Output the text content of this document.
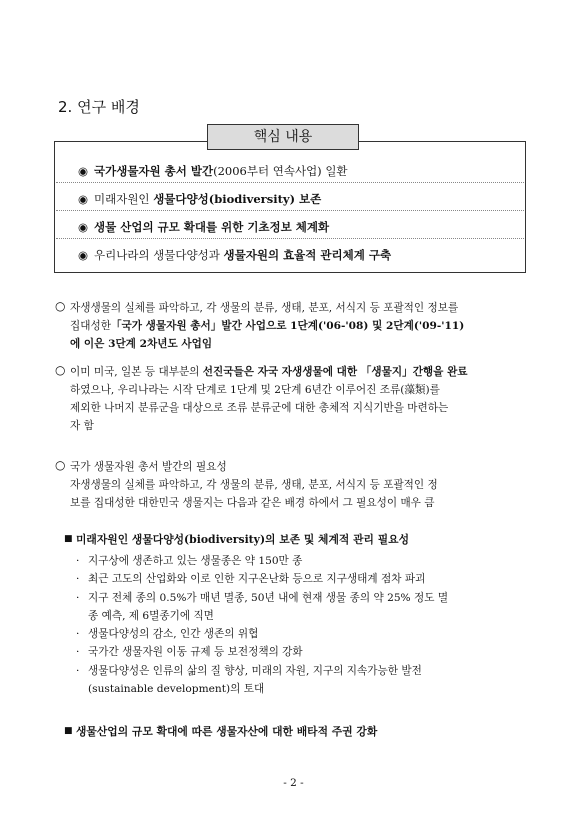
2. 연구 배경
핵심 내용
◉ 국가생물자원 총서 발간(2006부터 연속사업) 일환
◉ 미래자원인 생물다양성(biodiversity) 보존
◉ 생물 산업의 규모 확대를 위한 기초정보 체계화
◉ 우리나라의 생물다양성과 생물자원의 효율적 관리체계 구축
○ 자생생물의 실체를 파악하고, 각 생물의 분류, 생태, 분포, 서식지 등 포괄적인 정보를
집대성한「국가 생물자원 총서」발간 사업으로 1단계('06-'08) 및 2단계('09-'11)
에 이은 3단계 2차년도 사업임
○ 이미 미국, 일본 등 대부분의 선진국들은 자국 자생생물에 대한 「생물지」간행을 완료
하였으나, 우리나라는 시작 단계로 1단계 및 2단계 6년간 이루어진 조류(藻類)를
제외한 나머지 분류군을 대상으로 조류 분류군에 대한 총체적 지식기반을 마련하는
자 함
○ 국가 생물자원 총서 발간의 필요성
자생생물의 실체를 파악하고, 각 생물의 분류, 생태, 분포, 서식지 등 포괄적인 정
보를 집대성한 대한민국 생물지는 다음과 같은 배경 하에서 그 필요성이 매우 큼
■ 미래자원인 생물다양성(biodiversity)의 보존 및 체계적 관리 필요성
· 지구상에 생존하고 있는 생물종은 약 150만 종
· 최근 고도의 산업화와 이로 인한 지구온난화 등으로 지구생태계 점차 파괴
· 지구 전체 종의 0.5%가 매년 멸종, 50년 내에 현재 생물 종의 약 25% 정도 멸
종 예측, 제 6멸종기에 직면
· 생물다양성의 감소, 인간 생존의 위협
· 국가간 생물자원 이동 규제 등 보전정책의 강화
· 생물다양성은 인류의 삶의 질 향상, 미래의 자원, 지구의 지속가능한 발전
(sustainable development)의 토대
■ 생물산업의 규모 확대에 따른 생물자산에 대한 배타적 주권 강화
- 2 -
